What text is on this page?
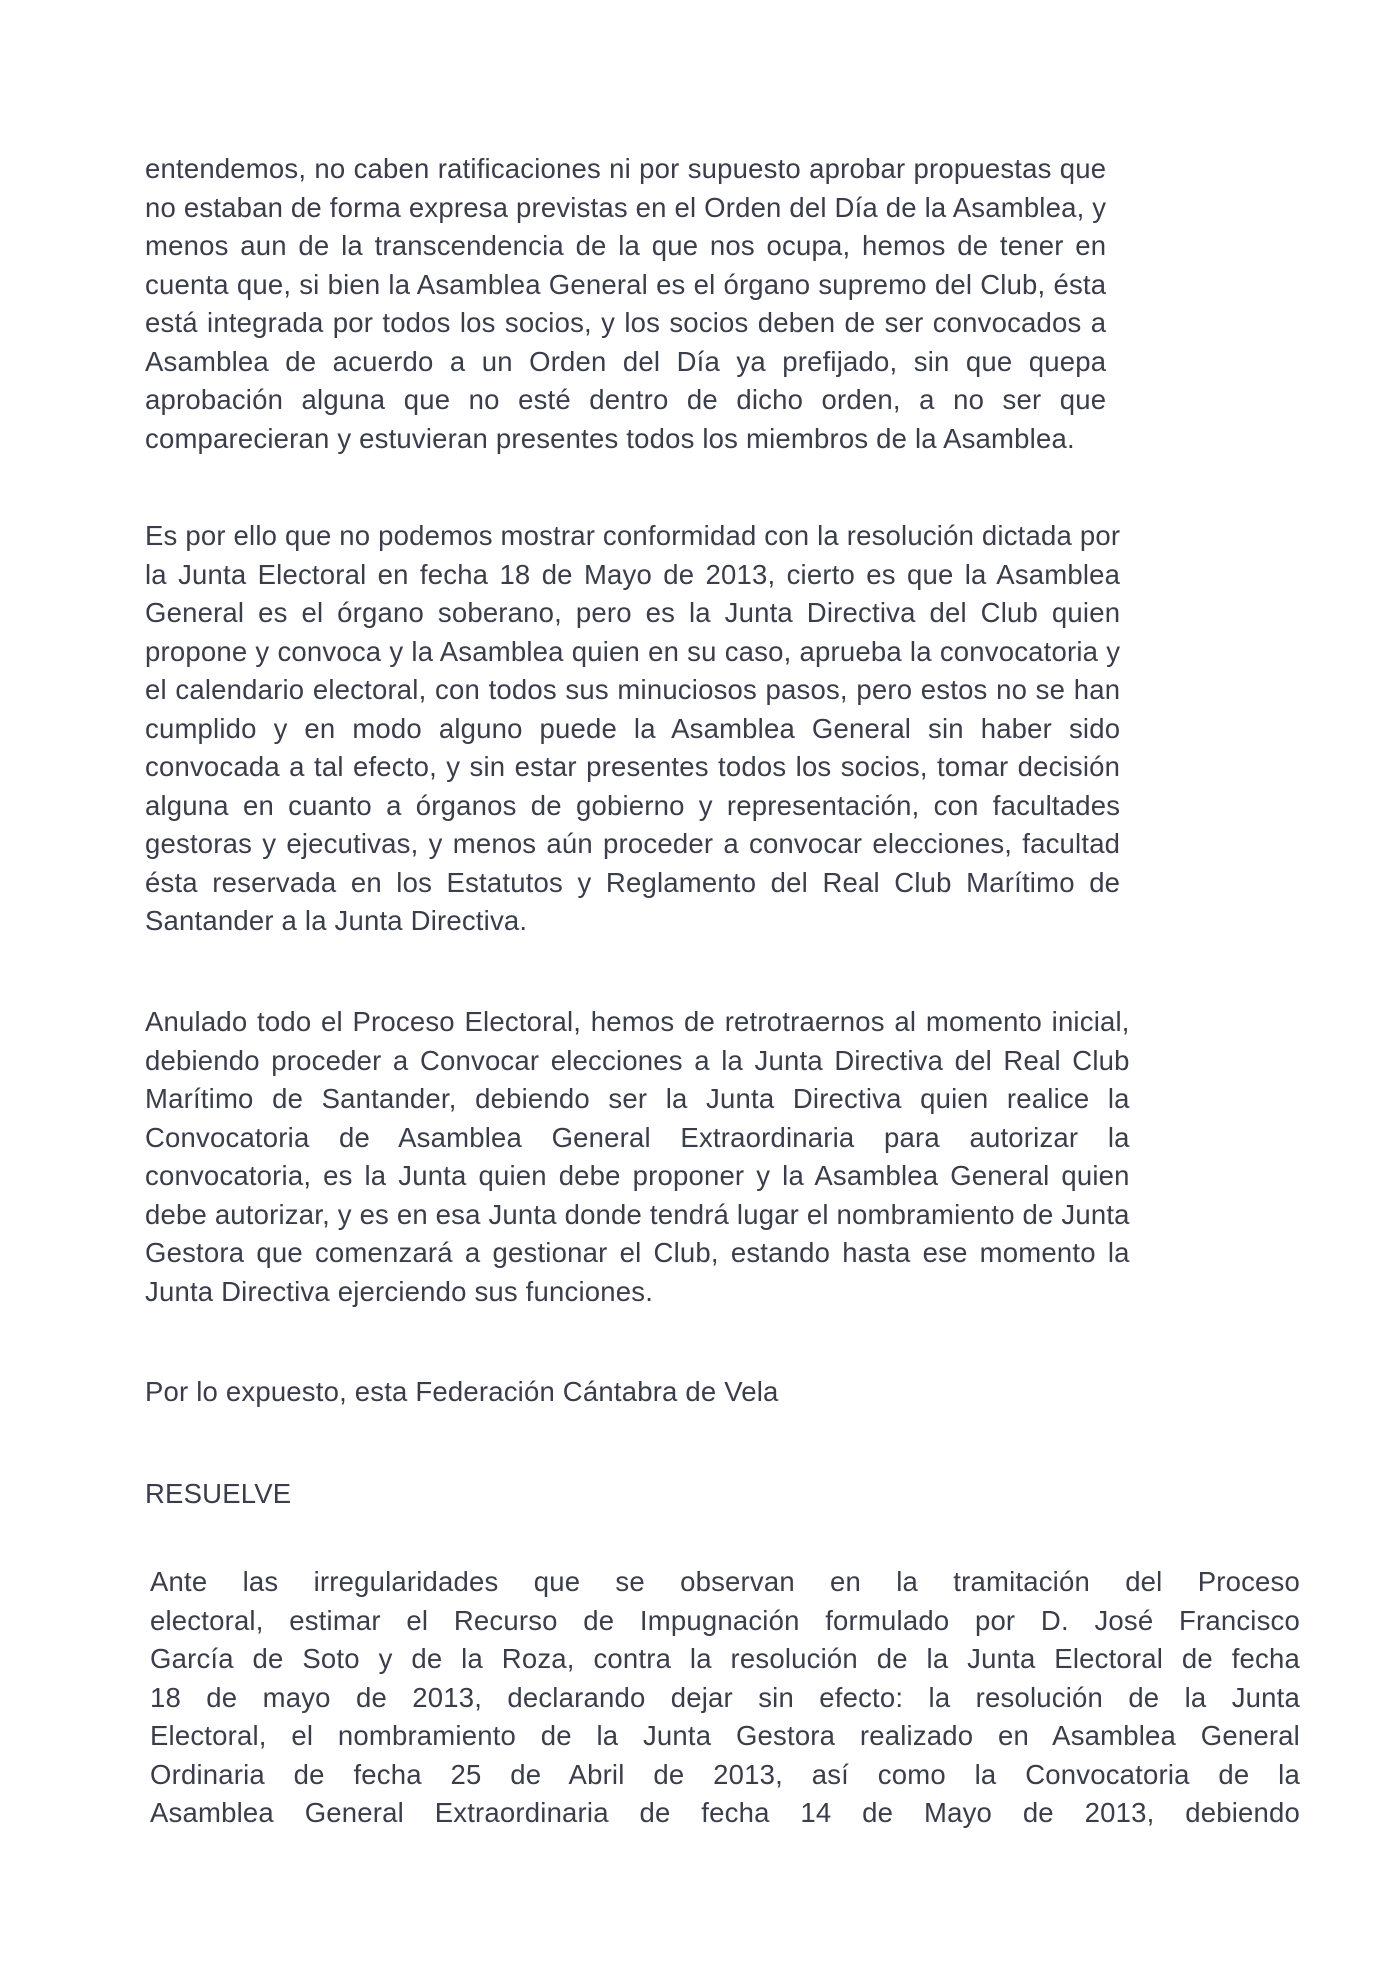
entendemos, no caben ratificaciones ni por supuesto aprobar propuestas que
no estaban de forma expresa previstas en el Orden del Día de la Asamblea, y
menos aun de la transcendencia de la que nos ocupa, hemos de tener en
cuenta que, si bien la Asamblea General es el órgano supremo del Club, ésta
está integrada por todos los socios, y los socios deben de ser convocados a
Asamblea de acuerdo a un Orden del Día ya prefijado, sin que quepa
aprobación alguna que no esté dentro de dicho orden, a no ser que
comparecieran y estuvieran presentes todos los miembros de la Asamblea.
Es por ello que no podemos mostrar conformidad con la resolución dictada por
la Junta Electoral en fecha 18 de Mayo de 2013, cierto es que la Asamblea
General es el órgano soberano, pero es la Junta Directiva del Club quien
propone y convoca y la Asamblea quien en su caso, aprueba la convocatoria y
el calendario electoral, con todos sus minuciosos pasos, pero estos no se han
cumplido y en modo alguno puede la Asamblea General sin haber sido
convocada a tal efecto, y sin estar presentes todos los socios, tomar decisión
alguna en cuanto a órganos de gobierno y representación, con facultades
gestoras y ejecutivas, y menos aún proceder a convocar elecciones, facultad
ésta reservada en los Estatutos y Reglamento del Real Club Marítimo de
Santander a la Junta Directiva.
Anulado todo el Proceso Electoral, hemos de retrotraernos al momento inicial,
debiendo proceder a Convocar elecciones a la Junta Directiva del Real Club
Marítimo de Santander, debiendo ser la Junta Directiva quien realice la
Convocatoria de Asamblea General Extraordinaria para autorizar la
convocatoria, es la Junta quien debe proponer y la Asamblea General quien
debe autorizar, y es en esa Junta donde tendrá lugar el nombramiento de Junta
Gestora que comenzará a gestionar el Club, estando hasta ese momento la
Junta Directiva ejerciendo sus funciones.
Por lo expuesto, esta Federación Cántabra de Vela
RESUELVE
Ante las irregularidades que se observan en la tramitación del Proceso
electoral, estimar el Recurso de Impugnación formulado por D. José Francisco
García de Soto y de la Roza, contra la resolución de la Junta Electoral de fecha
18 de mayo de 2013, declarando dejar sin efecto: la resolución de la Junta
Electoral, el nombramiento de la Junta Gestora realizado en Asamblea General
Ordinaria de fecha 25 de Abril de 2013, así como la Convocatoria de la
Asamblea General Extraordinaria de fecha 14 de Mayo de 2013, debiendo
